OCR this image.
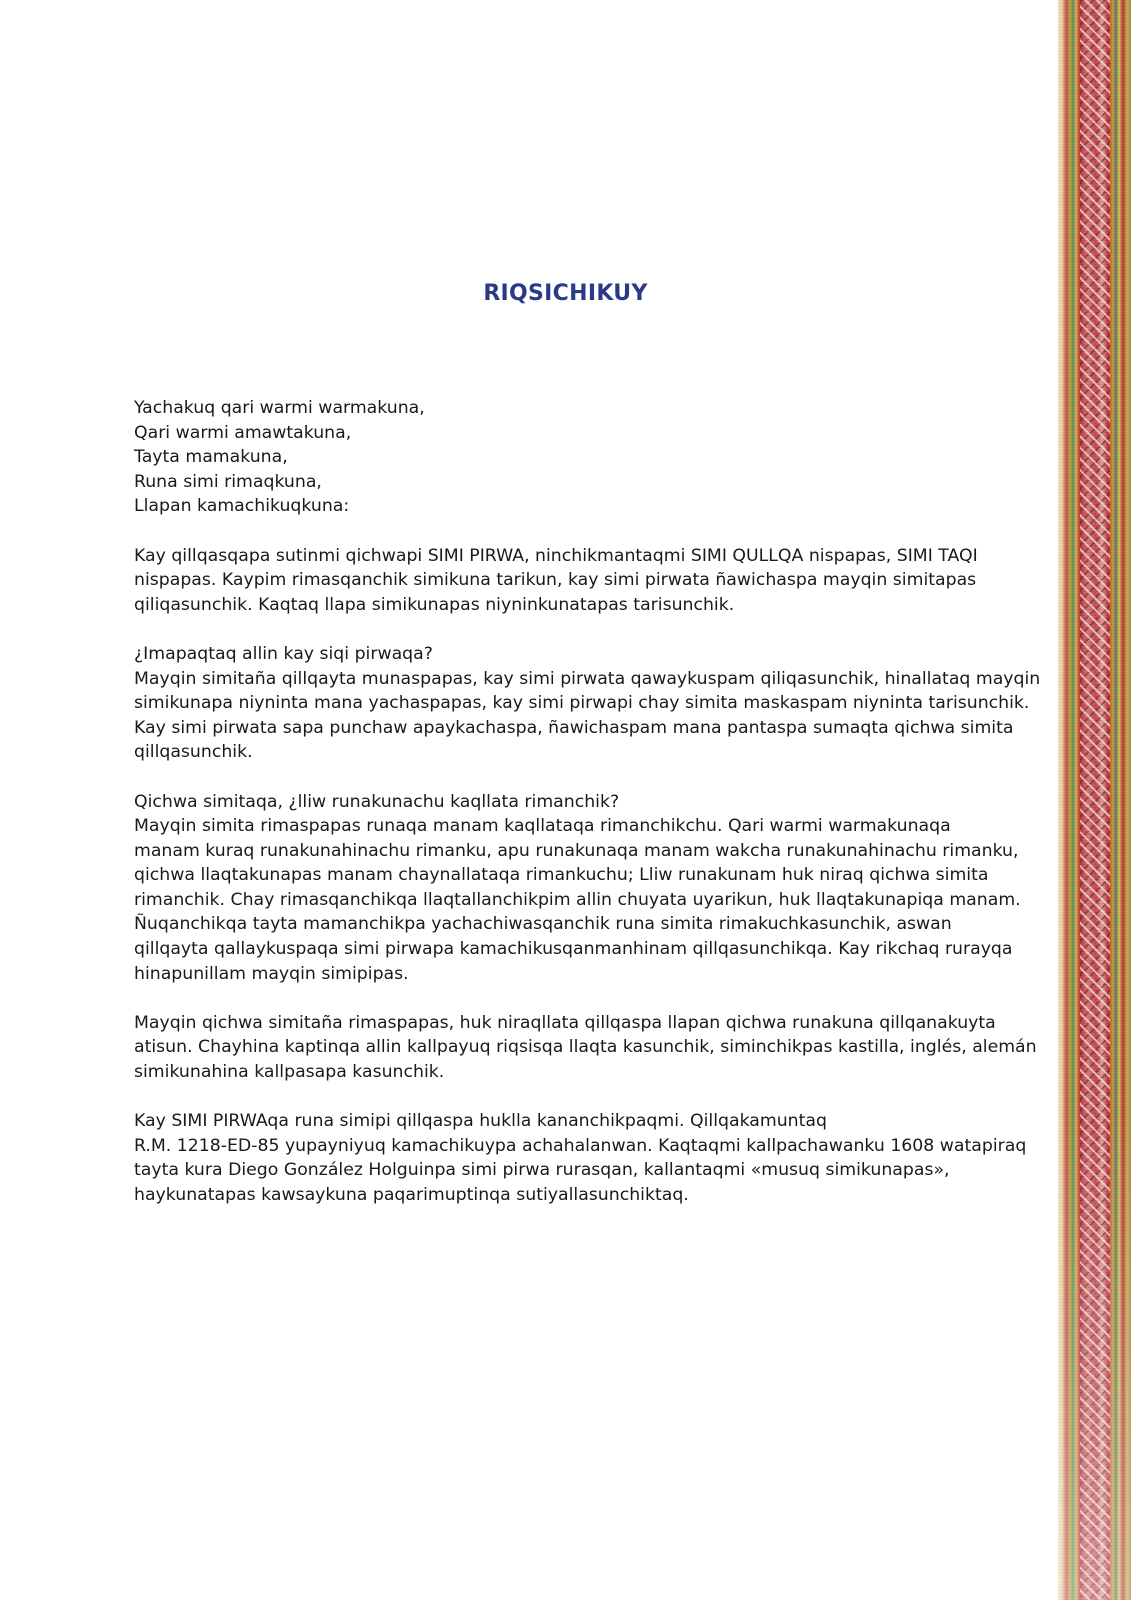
RIQSICHIKUY

Yachakuq qari warmi warmakuna,
Qari warmi amawtakuna,
Tayta mamakuna,
Runa simi rimaqkuna,
Llapan kamachikuqkuna:

Kay qillqasqapa sutinmi qichwapi SIMI PIRWA, ninchikmantaqmi SIMI QULLQA nispapas, SIMI TAQI
nispapas. Kaypim rimasqanchik simikuna tarikun, kay simi pirwata ñawichaspa mayqin simitapas
qiliqasunchik. Kaqtaq llapa simikunapas niyninkunatapas tarisunchik.

¿Imapaqtaq allin kay siqi pirwaqa?
Mayqin simitaña qillqayta munaspapas, kay simi pirwata qawaykuspam qiliqasunchik, hinallataq mayqin
simikunapa niyninta mana yachaspapas, kay simi pirwapi chay simita maskaspam niyninta tarisunchik.
Kay simi pirwata sapa punchaw apaykachaspa, ñawichaspam mana pantaspa sumaqta qichwa simita
qillqasunchik.

Qichwa simitaqa, ¿lliw runakunachu kaqllata rimanchik?
Mayqin simita rimaspapas runaqa manam kaqllataqa rimanchikchu. Qari warmi warmakunaqa
manam kuraq runakunahinachu rimanku, apu runakunaqa manam wakcha runakunahinachu rimanku,
qichwa llaqtakunapas manam chaynallataqa rimankuchu; Lliw runakunam huk niraq qichwa simita
rimanchik. Chay rimasqanchikqa llaqtallanchikpim allin chuyata uyarikun, huk llaqtakunapiqa manam.
Ñuqanchikqa tayta mamanchikpa yachachiwasqanchik runa simita rimakuchkasunchik, aswan
qillqayta qallaykuspaqa simi pirwapa kamachikusqanmanhinam qillqasunchikqa. Kay rikchaq rurayqa
hinapunillam mayqin simipipas.

Mayqin qichwa simitaña rimaspapas, huk niraqllata qillqaspa llapan qichwa runakuna qillqanakuyta
atisun. Chayhina kaptinqa allin kallpayuq riqsisqa llaqta kasunchik, siminchikpas kastilla, inglés, alemán
simikunahina kallpasapa kasunchik.

Kay SIMI PIRWAqa runa simipi qillqaspa huklla kananchikpaqmi. Qillqakamuntaq
R.M. 1218-ED-85 yupayniyuq kamachikuypa achahalanwan. Kaqtaqmi kallpachawanku 1608 watapiraq
tayta kura Diego González Holguinpa simi pirwa rurasqan, kallantaqmi «musuq simikunapas»,
haykunatapas kawsaykuna paqarimuptinqa sutiyallasunchiktaq.
